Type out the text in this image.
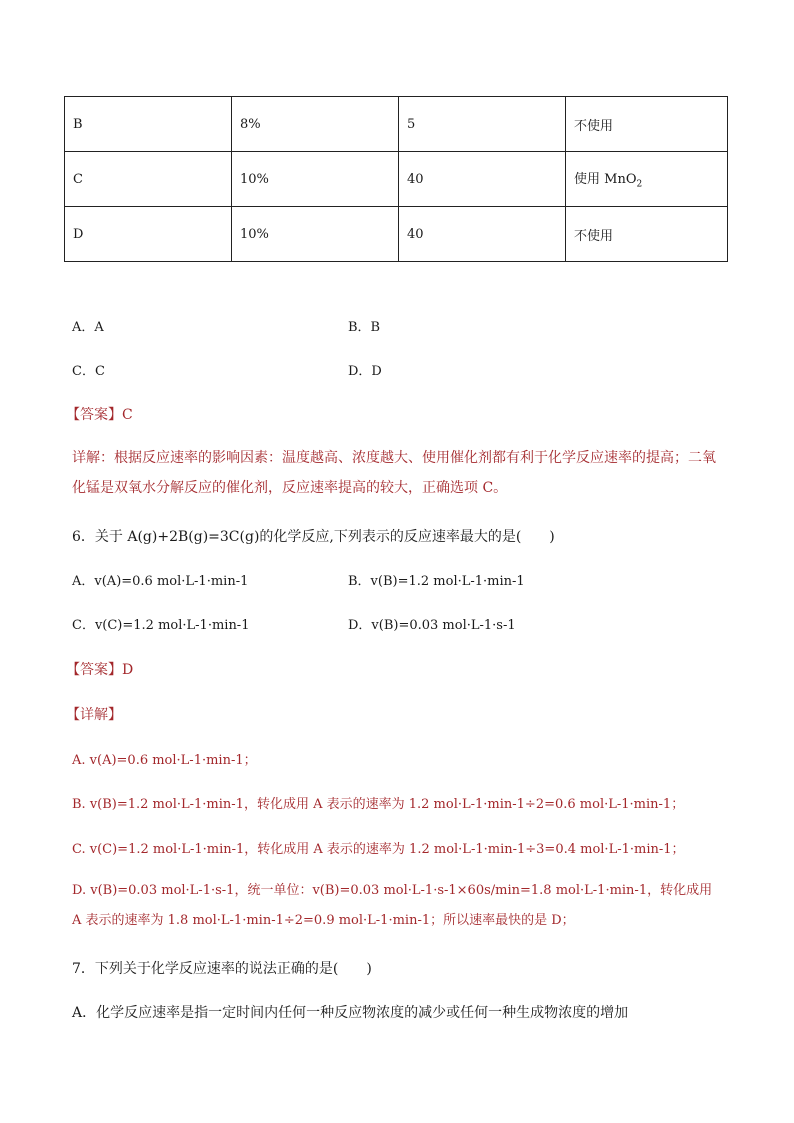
B	8%	5	不使用
C	10%	40	使用 MnO$_2$
D	10%	40	不使用
A．A	B．B
C．C	D．D
【答案】C
详解：根据反应速率的影响因素：温度越高、浓度越大、使用催化剂都有利于化学反应速率的提高；二氧化锰是双氧水分解反应的催化剂，反应速率提高的较大，正确选项 C。
6．关于 A(g)+2B(g)=3C(g)的化学反应,下列表示的反应速率最大的是(　　)
A．v(A)=0.6 mol·L-1·min-1	B．v(B)=1.2 mol·L-1·min-1
C．v(C)=1.2 mol·L-1·min-1	D．v(B)=0.03 mol·L-1·s-1
【答案】D
【详解】
A. v(A)=0.6 mol·L-1·min-1；
B. v(B)=1.2 mol·L-1·min-1，转化成用 A 表示的速率为 1.2 mol·L-1·min-1÷2=0.6 mol·L-1·min-1；
C. v(C)=1.2 mol·L-1·min-1，转化成用 A 表示的速率为 1.2 mol·L-1·min-1÷3=0.4 mol·L-1·min-1；
D. v(B)=0.03 mol·L-1·s-1，统一单位：v(B)=0.03 mol·L-1·s-1×60s/min=1.8 mol·L-1·min-1，转化成用 A 表示的速率为 1.8 mol·L-1·min-1÷2=0.9 mol·L-1·min-1；所以速率最快的是 D；
7．下列关于化学反应速率的说法正确的是(　　)
A．化学反应速率是指一定时间内任何一种反应物浓度的减少或任何一种生成物浓度的增加
